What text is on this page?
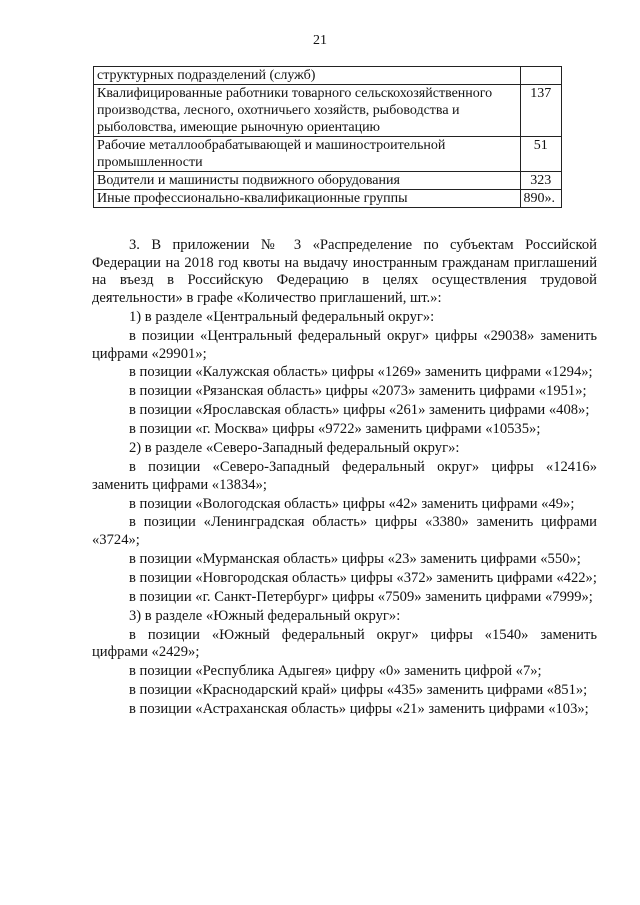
21
структурных подразделений (служб)	
Квалифицированные работники товарного сельскохозяйственного производства, лесного, охотничьего хозяйств, рыбоводства и рыболовства, имеющие рыночную ориентацию	137
Рабочие металлообрабатывающей и машиностроительной промышленности	51
Водители и машинисты подвижного оборудования	323
Иные профессионально-квалификационные группы	890».

3. В приложении № 3 «Распределение по субъектам Российской Федерации на 2018 год квоты на выдачу иностранным гражданам приглашений на въезд в Российскую Федерацию в целях осуществления трудовой деятельности» в графе «Количество приглашений, шт.»:

1) в разделе «Центральный федеральный округ»:

в позиции «Центральный федеральный округ» цифры «29038» заменить цифрами «29901»;

в позиции «Калужская область» цифры «1269» заменить цифрами «1294»;

в позиции «Рязанская область» цифры «2073» заменить цифрами «1951»;

в позиции «Ярославская область» цифры «261» заменить цифрами «408»;

в позиции «г. Москва» цифры «9722» заменить цифрами «10535»;

2) в разделе «Северо-Западный федеральный округ»:

в позиции «Северо-Западный федеральный округ» цифры «12416» заменить цифрами «13834»;

в позиции «Вологодская область» цифры «42» заменить цифрами «49»;

в позиции «Ленинградская область» цифры «3380» заменить цифрами «3724»;

в позиции «Мурманская область» цифры «23» заменить цифрами «550»;

в позиции «Новгородская область» цифры «372» заменить цифрами «422»;

в позиции «г. Санкт-Петербург» цифры «7509» заменить цифрами «7999»;

3) в разделе «Южный федеральный округ»:

в позиции «Южный федеральный округ» цифры «1540» заменить цифрами «2429»;

в позиции «Республика Адыгея» цифру «0» заменить цифрой «7»;

в позиции «Краснодарский край» цифры «435» заменить цифрами «851»;

в позиции «Астраханская область» цифры «21» заменить цифрами «103»;
